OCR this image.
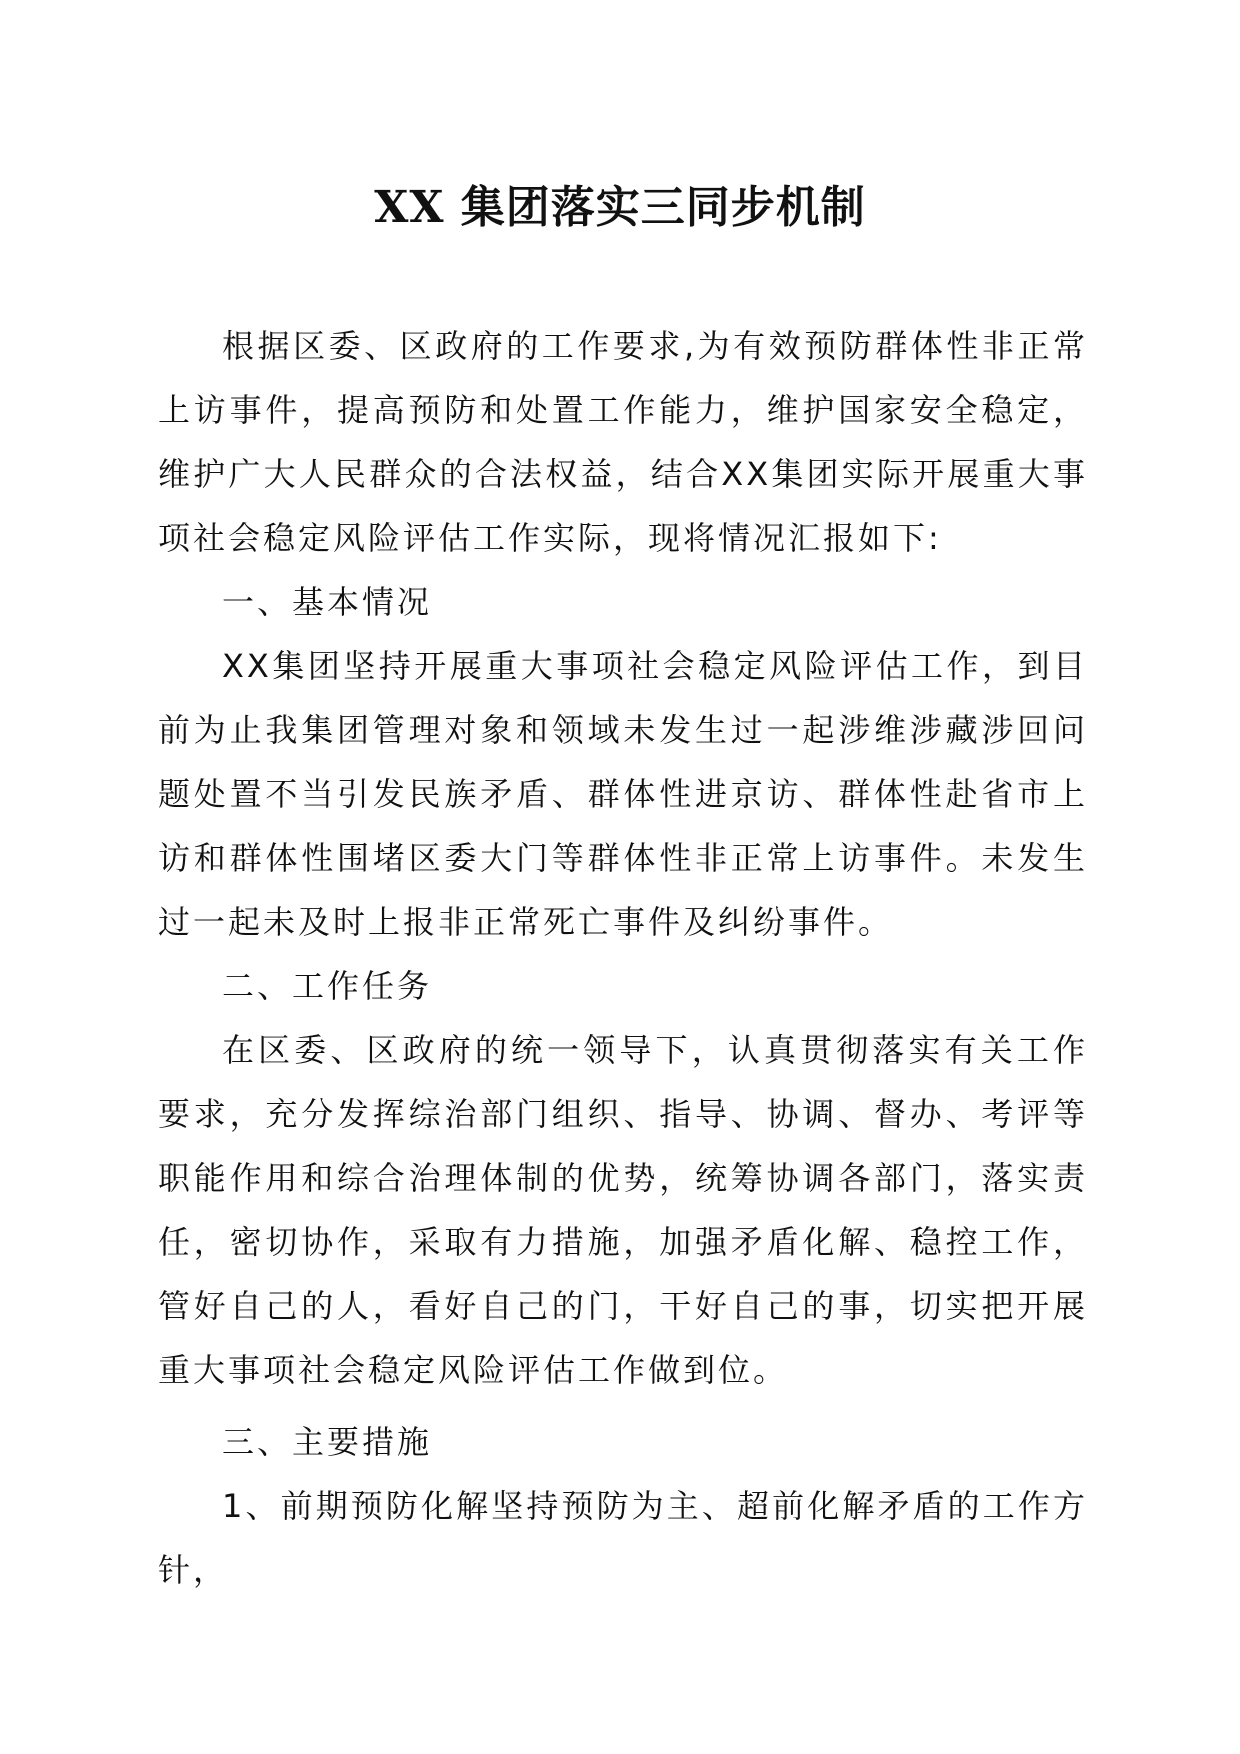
XX 集团落实三同步机制

根据区委、区政府的工作要求,为有效预防群体性非正常上访事件，提高预防和处置工作能力，维护国家安全稳定，维护广大人民群众的合法权益，结合XX集团实际开展重大事项社会稳定风险评估工作实际，现将情况汇报如下:

一、基本情况

XX集团坚持开展重大事项社会稳定风险评估工作，到目前为止我集团管理对象和领域未发生过一起涉维涉藏涉回问题处置不当引发民族矛盾、群体性进京访、群体性赴省市上访和群体性围堵区委大门等群体性非正常上访事件。未发生过一起未及时上报非正常死亡事件及纠纷事件。

二、工作任务

在区委、区政府的统一领导下，认真贯彻落实有关工作要求，充分发挥综治部门组织、指导、协调、督办、考评等职能作用和综合治理体制的优势，统筹协调各部门，落实责任，密切协作，采取有力措施，加强矛盾化解、稳控工作，管好自己的人，看好自己的门，干好自己的事，切实把开展重大事项社会稳定风险评估工作做到位。

三、主要措施

1、前期预防化解坚持预防为主、超前化解矛盾的工作方针，
